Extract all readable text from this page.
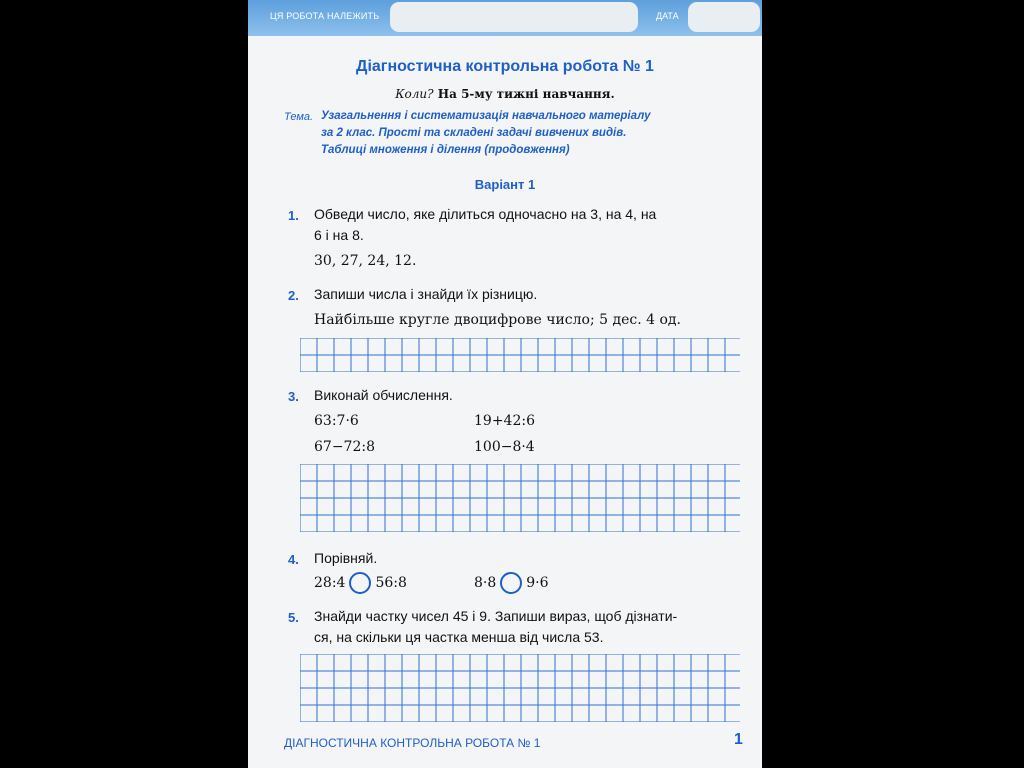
ЦЯ РОБОТА НАЛЕЖИТЬ	ДАТА
Діагностична контрольна робота № 1
Коли? На 5-му тижні навчання.
Тема. Узагальнення і систематизація навчального матеріалу
за 2 клас. Прості та складені задачі вивчених видів.
Таблиці множення і ділення (продовження)
Варіант 1
1. Обведи число, яке ділиться одночасно на 3, на 4, на
6 і на 8.
30, 27, 24, 12.
2. Запиши числа і знайди їх різницю.
Найбільше кругле двоцифрове число; 5 дес. 4 од.
3. Виконай обчислення.
63:7·6	19+42:6
67−72:8	100−8·4
4. Порівняй.
28:4 56:8	8·8 9·6
5. Знайди частку чисел 45 і 9. Запиши вираз, щоб дізнати-
ся, на скільки ця частка менша від числа 53.
ДІАГНОСТИЧНА КОНТРОЛЬНА РОБОТА № 1	1
